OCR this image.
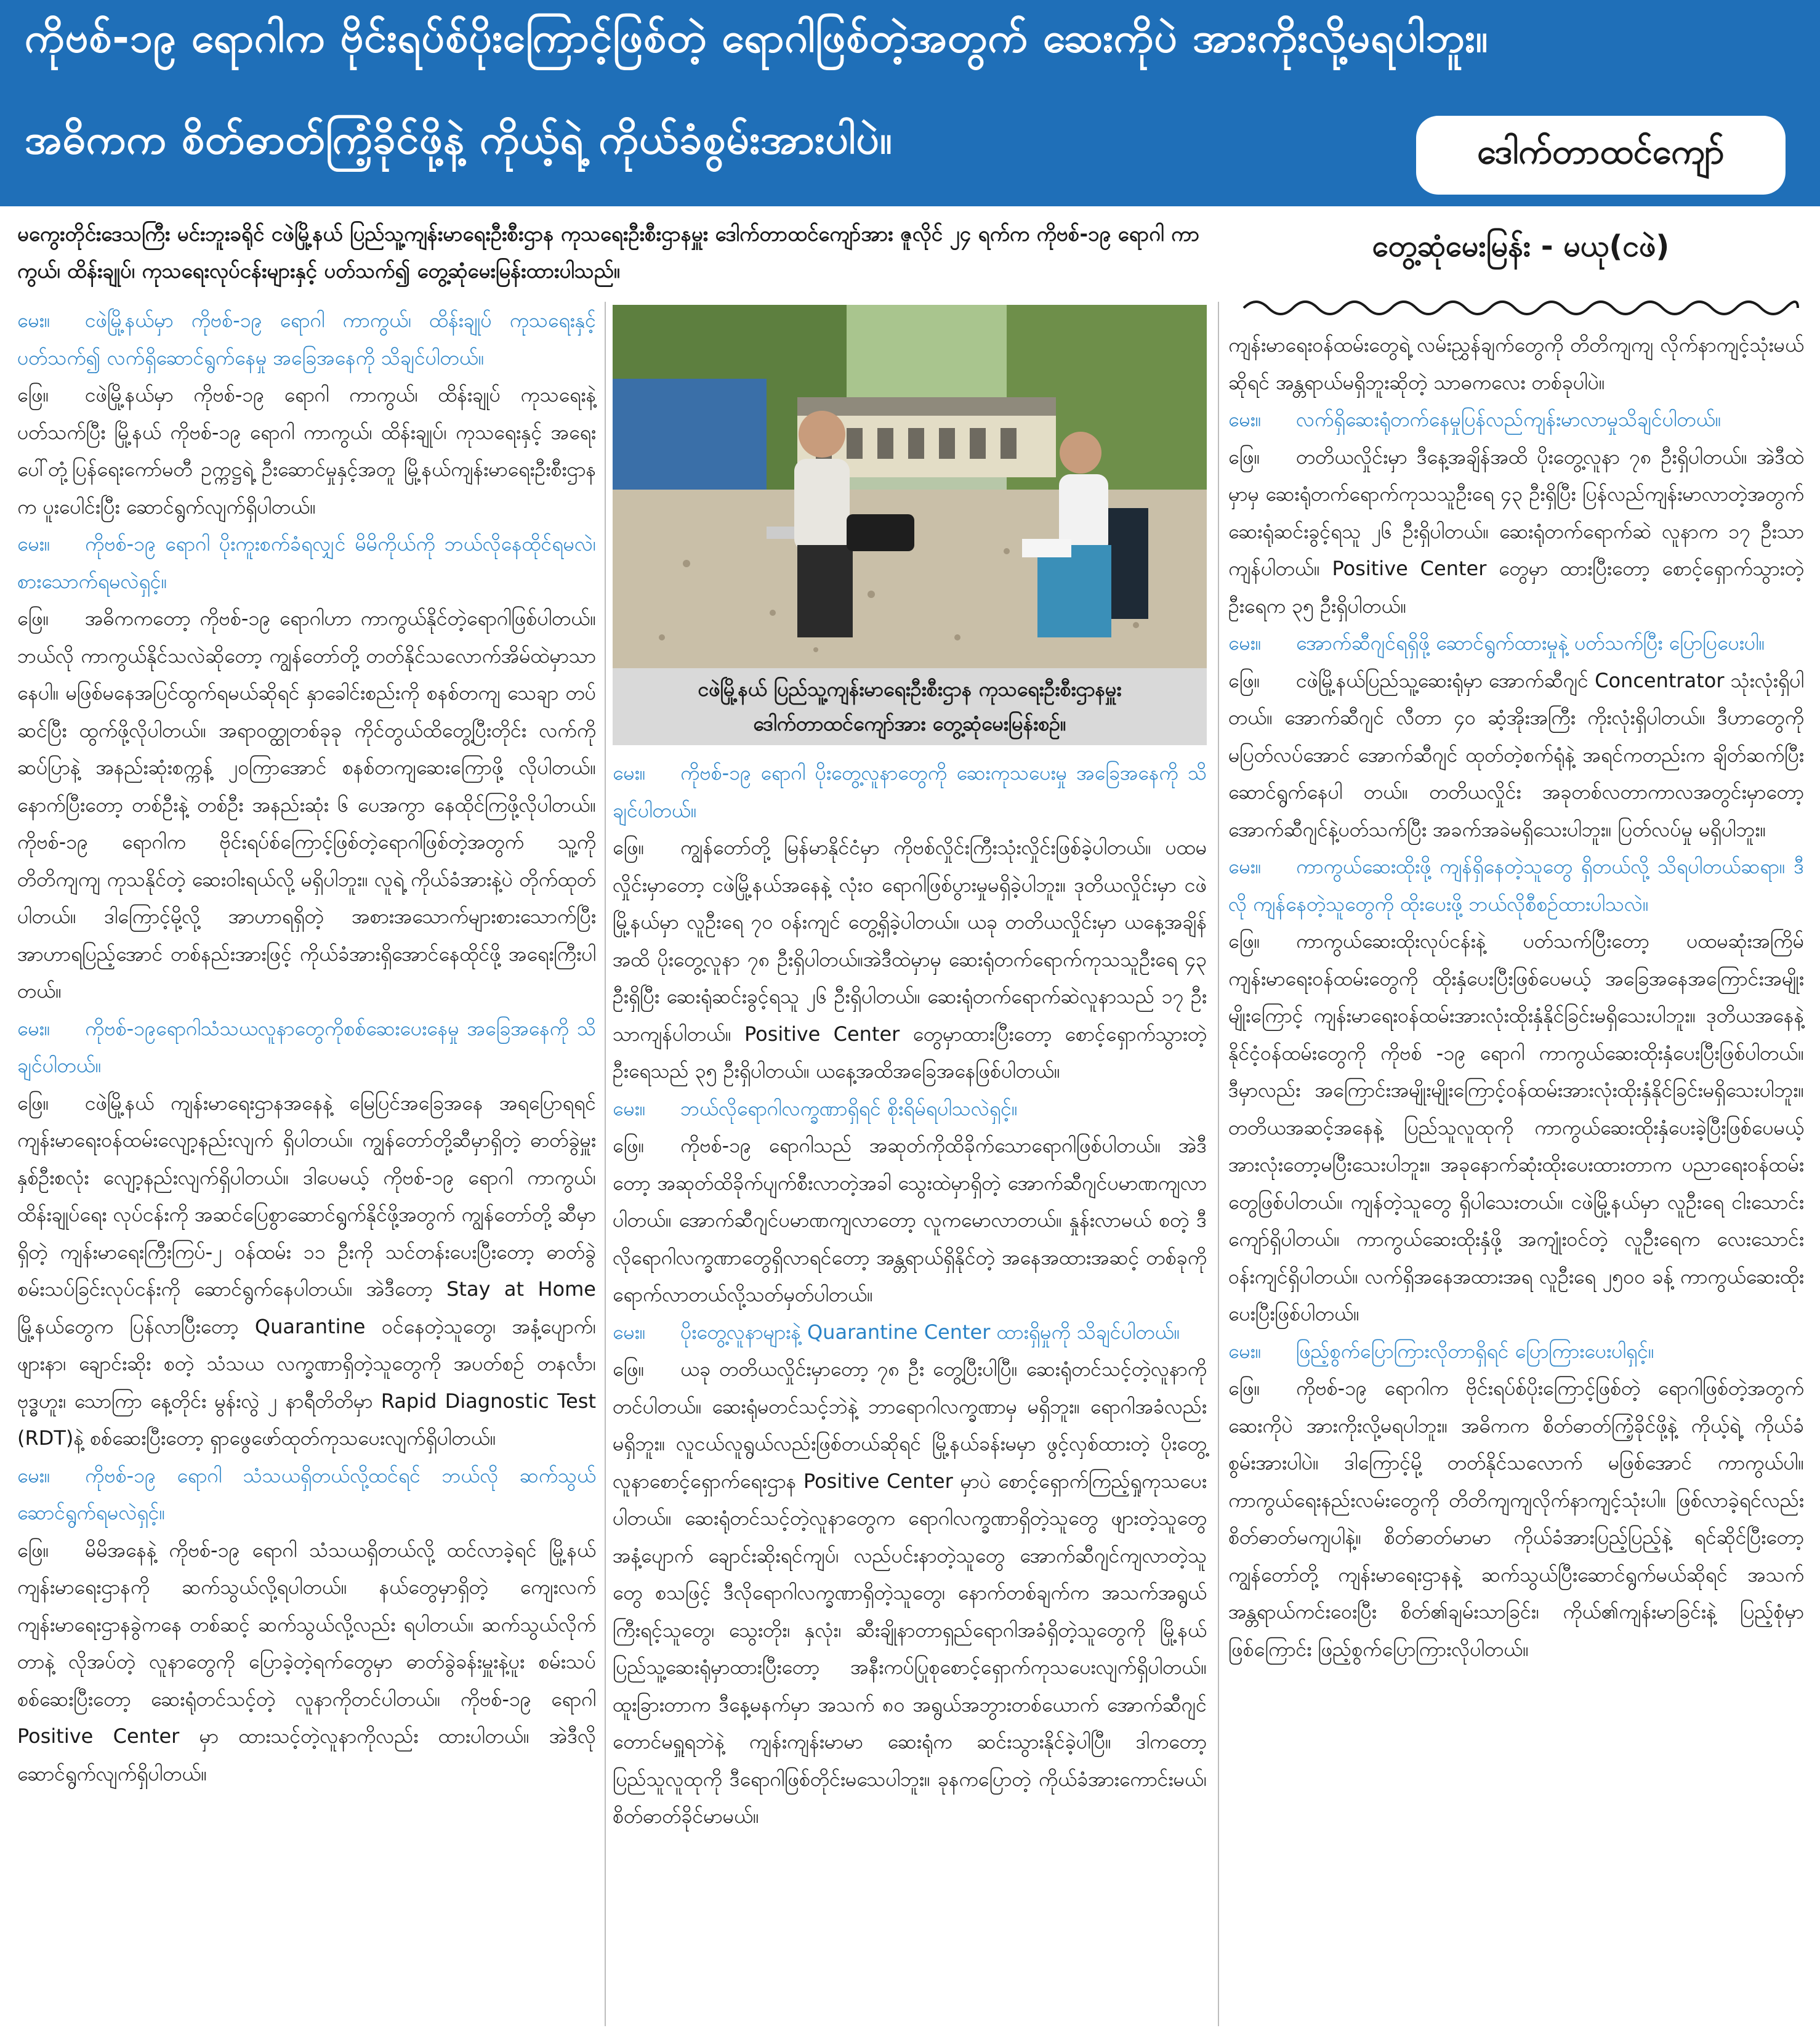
ကိုဗစ်-၁၉ ရောဂါက ဗိုင်းရပ်စ်ပိုးကြောင့်ဖြစ်တဲ့ ရောဂါဖြစ်တဲ့အတွက် ဆေးကိုပဲ အားကိုးလို့မရပါဘူး။
အဓိကက စိတ်ဓာတ်ကြံ့ခိုင်ဖို့နဲ့ ကိုယ့်ရဲ့ ကိုယ်ခံစွမ်းအားပါပဲ။	ဒေါက်တာထင်ကျော်
မကွေးတိုင်းဒေသကြီး မင်းဘူးခရိုင် ငဖဲမြို့နယ် ပြည်သူ့ကျန်းမာရေးဦးစီးဌာန ကုသရေးဦးစီးဌာနမှူး ဒေါက်တာထင်ကျော်အား ဇူလိုင် ၂၄ ရက်က ကိုဗစ်-၁၉ ရောဂါ ကာကွယ်၊ ထိန်းချုပ်၊ ကုသရေးလုပ်ငန်းများနှင့် ပတ်သက်၍ တွေ့ဆုံမေးမြန်းထားပါသည်။
တွေ့ဆုံမေးမြန်း - မယု(ငဖဲ)
ငဖဲမြို့နယ် ပြည်သူ့ကျန်းမာရေးဦးစီးဌာန ကုသရေးဦးစီးဌာနမှူး
ဒေါက်တာထင်ကျော်အား တွေ့ဆုံမေးမြန်းစဉ်။
မေး။ ငဖဲမြို့နယ်မှာ ကိုဗစ်-၁၉ ရောဂါ ကာကွယ်၊ ထိန်းချုပ် ကုသရေးနှင့်ပတ်သက်၍ လက်ရှိဆောင်ရွက်နေမှု အခြေအနေကို သိချင်ပါတယ်။
ဖြေ။ ငဖဲမြို့နယ်မှာ ကိုဗစ်-၁၉ ရောဂါ ကာကွယ်၊ ထိန်းချုပ် ကုသရေးနဲ့ပတ်သက်ပြီး မြို့နယ် ကိုဗစ်-၁၉ ရောဂါ ကာကွယ်၊ ထိန်းချုပ်၊ ကုသရေးနှင့် အရေးပေါ်တုံ့ပြန်ရေးကော်မတီ ဥက္ကဋ္ဌရဲ့ ဦးဆောင်မှုနှင့်အတူ မြို့နယ်ကျန်းမာရေးဦးစီးဌာနက ပူးပေါင်းပြီး ဆောင်ရွက်လျက်ရှိပါတယ်။
မေး။ ကိုဗစ်-၁၉ ရောဂါ ပိုးကူးစက်ခံရလျှင် မိမိကိုယ်ကို ဘယ်လိုနေထိုင်ရမလဲ၊ စားသောက်ရမလဲရှင့်။
ဖြေ။ အဓိကကတော့ ကိုဗစ်-၁၉ ရောဂါဟာ ကာကွယ်နိုင်တဲ့ရောဂါဖြစ်ပါတယ်။ ဘယ်လို ကာကွယ်နိုင်သလဲဆိုတော့ ကျွန်တော်တို့ တတ်နိုင်သလောက်အိမ်ထဲမှာသာနေပါ။ မဖြစ်မနေအပြင်ထွက်ရမယ်ဆိုရင် နှာခေါင်းစည်းကို စနစ်တကျ သေချာ တပ်ဆင်ပြီး ထွက်ဖို့လိုပါတယ်။ အရာဝတ္ထုတစ်ခုခု ကိုင်တွယ်ထိတွေ့ပြီးတိုင်း လက်ကိုဆပ်ပြာနဲ့ အနည်းဆုံးစက္ကန့် ၂၀ကြာအောင် စနစ်တကျဆေးကြောဖို့ လိုပါတယ်။ နောက်ပြီးတော့ တစ်ဦးနဲ့ တစ်ဦး အနည်းဆုံး ၆ ပေအကွာ နေထိုင်ကြဖို့လိုပါတယ်။ ကိုဗစ်-၁၉ ရောဂါက ဗိုင်းရပ်စ်ကြောင့်ဖြစ်တဲ့ရောဂါဖြစ်တဲ့အတွက် သူ့ကို တိတိကျကျ ကုသနိုင်တဲ့ ဆေးဝါးရယ်လို့ မရှိပါဘူး။ လူရဲ့ ကိုယ်ခံအားနဲ့ပဲ တိုက်ထုတ်ပါတယ်။ ဒါကြောင့်မို့လို့ အာဟာရရှိတဲ့ အစားအသောက်များစားသောက်ပြီး အာဟာရပြည့်အောင် တစ်နည်းအားဖြင့် ကိုယ်ခံအားရှိအောင်နေထိုင်ဖို့ အရေးကြီးပါတယ်။
မေး။ ကိုဗစ်-၁၉ရောဂါသံသယလူနာတွေကိုစစ်ဆေးပေးနေမှု အခြေအနေကို သိချင်ပါတယ်။
ဖြေ။ ငဖဲမြို့နယ် ကျန်းမာရေးဌာနအနေနဲ့ မြေပြင်အခြေအနေ အရပြောရရင် ကျန်းမာရေးဝန်ထမ်းလျော့နည်းလျက် ရှိပါတယ်။ ကျွန်တော်တို့ဆီမှာရှိတဲ့ ဓာတ်ခွဲမှူး နှစ်ဦးစလုံး လျော့နည်းလျက်ရှိပါတယ်။ ဒါပေမယ့် ကိုဗစ်-၁၉ ရောဂါ ကာကွယ်၊ ထိန်းချုပ်ရေး လုပ်ငန်းကို အဆင်ပြေစွာဆောင်ရွက်နိုင်ဖို့အတွက် ကျွန်တော်တို့ ဆီမှာရှိတဲ့ ကျန်းမာရေးကြီးကြပ်-၂ ဝန်ထမ်း ၁၁ ဦးကို သင်တန်းပေးပြီးတော့ ဓာတ်ခွဲစမ်းသပ်ခြင်းလုပ်ငန်းကို ဆောင်ရွက်နေပါတယ်။ အဲဒီတော့ Stay at Home မြို့နယ်တွေက ပြန်လာပြီးတော့ Quarantine ဝင်နေတဲ့သူတွေ၊ အနံ့ပျောက်၊ ဖျားနာ၊ ချောင်းဆိုး စတဲ့ သံသယ လက္ခဏာရှိတဲ့သူတွေကို အပတ်စဉ် တနင်္လာ၊ ဗုဒ္ဓဟူး၊ သောကြာ နေ့တိုင်း မွန်းလွဲ ၂ နာရီတိတိမှာ Rapid Diagnostic Test (RDT)နဲ့ စစ်ဆေးပြီးတော့ ရှာဖွေဖော်ထုတ်ကုသပေးလျက်ရှိပါတယ်။
မေး။ ကိုဗစ်-၁၉ ရောဂါ သံသယရှိတယ်လို့ထင်ရင် ဘယ်လို ဆက်သွယ်ဆောင်ရွက်ရမလဲရှင့်။
ဖြေ။ မိမိအနေနဲ့ ကိုဗစ်-၁၉ ရောဂါ သံသယရှိတယ်လို့ ထင်လာခဲ့ရင် မြို့နယ်ကျန်းမာရေးဌာနကို ဆက်သွယ်လို့ရပါတယ်။ နယ်တွေမှာရှိတဲ့ ကျေးလက်ကျန်းမာရေးဌာနခွဲကနေ တစ်ဆင့် ဆက်သွယ်လို့လည်း ရပါတယ်။ ဆက်သွယ်လိုက်တာနဲ့ လိုအပ်တဲ့ လူနာတွေကို ပြောခဲ့တဲ့ရက်တွေမှာ ဓာတ်ခွဲခန်းမှူးနဲ့ပူး စမ်းသပ်စစ်ဆေးပြီးတော့ ဆေးရုံတင်သင့်တဲ့ လူနာကိုတင်ပါတယ်။ ကိုဗစ်-၁၉ ရောဂါ Positive Center မှာ ထားသင့်တဲ့လူနာကိုလည်း ထားပါတယ်။ အဲဒီလို ဆောင်ရွက်လျက်ရှိပါတယ်။
မေး။ ကိုဗစ်-၁၉ ရောဂါ ပိုးတွေ့လူနာတွေကို ဆေးကုသပေးမှု အခြေအနေကို သိချင်ပါတယ်။
ဖြေ။ ကျွန်တော်တို့ မြန်မာနိုင်ငံမှာ ကိုဗစ်လှိုင်းကြီးသုံးလှိုင်းဖြစ်ခဲ့ပါတယ်။ ပထမလှိုင်းမှာတော့ ငဖဲမြို့နယ်အနေနဲ့ လုံးဝ ရောဂါဖြစ်ပွားမှုမရှိခဲ့ပါဘူး။ ဒုတိယလှိုင်းမှာ ငဖဲမြို့နယ်မှာ လူဦးရေ ၇၀ ဝန်းကျင် တွေ့ရှိခဲ့ပါတယ်။ ယခု တတိယလှိုင်းမှာ ယနေ့အချိန်အထိ ပိုးတွေ့လူနာ ၇၈ ဦးရှိပါတယ်။အဲဒီထဲမှာမှ ဆေးရုံတက်ရောက်ကုသသူဦးရေ ၄၃ ဦးရှိပြီး ဆေးရုံဆင်းခွင့်ရသူ ၂၆ ဦးရှိပါတယ်။ ဆေးရုံတက်ရောက်ဆဲလူနာသည် ၁၇ ဦးသာကျန်ပါတယ်။ Positive Center တွေမှာထားပြီးတော့ စောင့်ရှောက်သွားတဲ့ဦးရေသည် ၃၅ ဦးရှိပါတယ်။ ယနေ့အထိအခြေအနေဖြစ်ပါတယ်။
မေး။ ဘယ်လိုရောဂါလက္ခဏာရှိရင် စိုးရိမ်ရပါသလဲရှင့်။
ဖြေ။ ကိုဗစ်-၁၉ ရောဂါသည် အဆုတ်ကိုထိခိုက်သောရောဂါဖြစ်ပါတယ်။ အဲဒီတော့ အဆုတ်ထိခိုက်ပျက်စီးလာတဲ့အခါ သွေးထဲမှာရှိတဲ့ အောက်ဆီဂျင်ပမာဏကျလာပါတယ်။ အောက်ဆီဂျင်ပမာဏကျလာတော့ လူကမောလာတယ်။ နှုန်းလာမယ် စတဲ့ ဒီလိုရောဂါလက္ခဏာတွေရှိလာရင်တော့ အန္တရာယ်ရှိနိုင်တဲ့ အနေအထားအဆင့် တစ်ခုကို ရောက်လာတယ်လို့သတ်မှတ်ပါတယ်။
မေး။ ပိုးတွေ့လူနာများနဲ့ Quarantine Center ထားရှိမှုကို သိချင်ပါတယ်။
ဖြေ။ ယခု တတိယလှိုင်းမှာတော့ ၇၈ ဦး တွေ့ပြီးပါပြီ။ ဆေးရုံတင်သင့်တဲ့လူနာကို တင်ပါတယ်။ ဆေးရုံမတင်သင့်ဘဲနဲ့ ဘာရောဂါလက္ခဏာမှ မရှိဘူး။ ရောဂါအခံလည်း မရှိဘူး။ လူငယ်လူရွယ်လည်းဖြစ်တယ်ဆိုရင် မြို့နယ်ခန်းမမှာ ဖွင့်လှစ်ထားတဲ့ ပိုးတွေ့လူနာစောင့်ရှောက်ရေးဌာန Positive Center မှာပဲ စောင့်ရှောက်ကြည့်ရှုကုသပေးပါတယ်။ ဆေးရုံတင်သင့်တဲ့လူနာတွေက ရောဂါလက္ခဏာရှိတဲ့သူတွေ ဖျားတဲ့သူတွေ အနံ့ပျောက် ချောင်းဆိုးရင်ကျပ်၊ လည်ပင်းနာတဲ့သူတွေ အောက်ဆီဂျင်ကျလာတဲ့သူတွေ စသဖြင့် ဒီလိုရောဂါလက္ခဏာရှိတဲ့သူတွေ၊ နောက်တစ်ချက်က အသက်အရွယ်ကြီးရင့်သူတွေ၊ သွေးတိုး၊ နှလုံး၊ ဆီးချိုနာတာရှည်ရောဂါအခံရှိတဲ့သူတွေကို မြို့နယ်ပြည်သူ့ဆေးရုံမှာထားပြီးတော့ အနီးကပ်ပြုစုစောင့်ရှောက်ကုသပေးလျက်ရှိပါတယ်။ ထူးခြားတာက ဒီနေ့မနက်မှာ အသက် ၈၀ အရွယ်အဘွားတစ်ယောက် အောက်ဆီဂျင်တောင်မရှူရဘဲနဲ့ ကျန်းကျန်းမာမာ ဆေးရုံက ဆင်းသွားနိုင်ခဲ့ပါပြီ။ ဒါကတော့ ပြည်သူလူထုကို ဒီရောဂါဖြစ်တိုင်းမသေပါဘူး။ ခုနကပြောတဲ့ ကိုယ်ခံအားကောင်းမယ်၊ စိတ်ဓာတ်ခိုင်မာမယ်။
ကျန်းမာရေးဝန်ထမ်းတွေရဲ့ လမ်းညွှန်ချက်တွေကို တိတိကျကျ လိုက်နာကျင့်သုံးမယ်ဆိုရင် အန္တရာယ်မရှိဘူးဆိုတဲ့ သာဓကလေး တစ်ခုပါပဲ။
မေး။ လက်ရှိဆေးရုံတက်နေမှုပြန်လည်ကျန်းမာလာမှုသိချင်ပါတယ်။
ဖြေ။ တတိယလှိုင်းမှာ ဒီနေ့အချိန်အထိ ပိုးတွေ့လူနာ ၇၈ ဦးရှိပါတယ်။ အဲဒီထဲမှာမှ ဆေးရုံတက်ရောက်ကုသသူဦးရေ ၄၃ ဦးရှိပြီး ပြန်လည်ကျန်းမာလာတဲ့အတွက် ဆေးရုံဆင်းခွင့်ရသူ ၂၆ ဦးရှိပါတယ်။ ဆေးရုံတက်ရောက်ဆဲ လူနာက ၁၇ ဦးသာ ကျန်ပါတယ်။ Positive Center တွေမှာ ထားပြီးတော့ စောင့်ရှောက်သွားတဲ့ ဦးရေက ၃၅ ဦးရှိပါတယ်။
မေး။ အောက်ဆီဂျင်ရရှိဖို့ ဆောင်ရွက်ထားမှုနဲ့ ပတ်သက်ပြီး ပြောပြပေးပါ။
ဖြေ။ ငဖဲမြို့နယ်ပြည်သူ့ဆေးရုံမှာ အောက်ဆီဂျင် Concentrator သုံးလုံးရှိပါတယ်။ အောက်ဆီဂျင် လီတာ ၄၀ ဆံ့အိုးအကြီး ကိုးလုံးရှိပါတယ်။ ဒီဟာတွေကို မပြတ်လပ်အောင် အောက်ဆီဂျင် ထုတ်တဲ့စက်ရုံနဲ့ အရင်ကတည်းက ချိတ်ဆက်ပြီးဆောင်ရွက်နေပါ တယ်။ တတိယလှိုင်း အခုတစ်လတာကာလအတွင်းမှာတော့ အောက်ဆီဂျင်နဲ့ပတ်သက်ပြီး အခက်အခဲမရှိသေးပါဘူး။ ပြတ်လပ်မှု မရှိပါဘူး။
မေး။ ကာကွယ်ဆေးထိုးဖို့ ကျန်ရှိနေတဲ့သူတွေ ရှိတယ်လို့ သိရပါတယ်ဆရာ။ ဒီလို ကျန်နေတဲ့သူတွေကို ထိုးပေးဖို့ ဘယ်လိုစီစဉ်ထားပါသလဲ။
ဖြေ။ ကာကွယ်ဆေးထိုးလုပ်ငန်းနဲ့ ပတ်သက်ပြီးတော့ ပထမဆုံးအကြိမ် ကျန်းမာရေးဝန်ထမ်းတွေကို ထိုးနှံပေးပြီးဖြစ်ပေမယ့် အခြေအနေအကြောင်းအမျိုးမျိုးကြောင့် ကျန်းမာရေးဝန်ထမ်းအားလုံးထိုးနှံနိုင်ခြင်းမရှိသေးပါဘူး။ ဒုတိယအနေနဲ့ နိုင်ငံ့ဝန်ထမ်းတွေကို ကိုဗစ် -၁၉ ရောဂါ ကာကွယ်ဆေးထိုးနှံပေးပြီးဖြစ်ပါတယ်။ ဒီမှာလည်း အကြောင်းအမျိုးမျိုးကြောင့်ဝန်ထမ်းအားလုံးထိုးနှံနိုင်ခြင်းမရှိသေးပါဘူး။ တတိယအဆင့်အနေနဲ့ ပြည်သူလူထုကို ကာကွယ်ဆေးထိုးနှံပေးခဲ့ပြီးဖြစ်ပေမယ့် အားလုံးတော့မပြီးသေးပါဘူး။ အခုနောက်ဆုံးထိုးပေးထားတာက ပညာရေးဝန်ထမ်းတွေဖြစ်ပါတယ်။ ကျန်တဲ့သူတွေ ရှိပါသေးတယ်။ ငဖဲမြို့နယ်မှာ လူဦးရေ ငါးသောင်းကျော်ရှိပါတယ်။ ကာကွယ်ဆေးထိုးနှံဖို့ အကျုံးဝင်တဲ့ လူဦးရေက လေးသောင်း ဝန်းကျင်ရှိပါတယ်။ လက်ရှိအနေအထားအရ လူဦးရေ ၂၅၀၀ ခန့် ကာကွယ်ဆေးထိုးပေးပြီးဖြစ်ပါတယ်။
မေး။ ဖြည့်စွက်ပြောကြားလိုတာရှိရင် ပြောကြားပေးပါရှင့်။
ဖြေ။ ကိုဗစ်-၁၉ ရောဂါက ဗိုင်းရပ်စ်ပိုးကြောင့်ဖြစ်တဲ့ ရောဂါဖြစ်တဲ့အတွက် ဆေးကိုပဲ အားကိုးလို့မရပါဘူး။ အဓိကက စိတ်ဓာတ်ကြံ့ခိုင်ဖို့နဲ့ ကိုယ့်ရဲ့ ကိုယ်ခံစွမ်းအားပါပဲ။ ဒါကြောင့်မို့ တတ်နိုင်သလောက် မဖြစ်အောင် ကာကွယ်ပါ။ ကာကွယ်ရေးနည်းလမ်းတွေကို တိတိကျကျလိုက်နာကျင့်သုံးပါ။ ဖြစ်လာခဲ့ရင်လည်း စိတ်ဓာတ်မကျပါနဲ့။ စိတ်ဓာတ်မာမာ ကိုယ်ခံအားပြည့်ပြည့်နဲ့ ရင်ဆိုင်ပြီးတော့ ကျွန်တော်တို့ ကျန်းမာရေးဌာနနဲ့ ဆက်သွယ်ပြီးဆောင်ရွက်မယ်ဆိုရင် အသက်အန္တရာယ်ကင်းဝေးပြီး စိတ်၏ချမ်းသာခြင်း၊ ကိုယ်၏ကျန်းမာခြင်းနဲ့ ပြည့်စုံမှာဖြစ်ကြောင်း ဖြည့်စွက်ပြောကြားလိုပါတယ်။
